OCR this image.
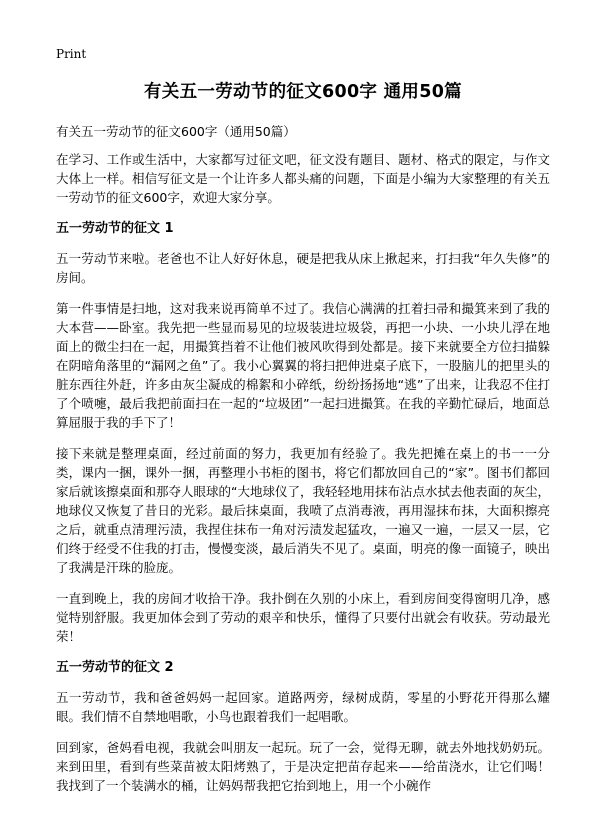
Print
有关五一劳动节的征文600字 通用50篇

有关五一劳动节的征文600字（通用50篇）

在学习、工作或生活中，大家都写过征文吧，征文没有题目、题材、格式的限定，与作文大体上一样。相信写征文是一个让许多人都头痛的问题，下面是小编为大家整理的有关五一劳动节的征文600字，欢迎大家分享。

五一劳动节的征文 1

五一劳动节来啦。老爸也不让人好好休息，硬是把我从床上揪起来，打扫我“年久失修”的房间。

第一件事情是扫地，这对我来说再简单不过了。我信心满满的扛着扫帚和撮箕来到了我的大本营——卧室。我先把一些显而易见的垃圾装进垃圾袋，再把一小块、一小块儿浮在地面上的微尘扫在一起，用撮箕挡着不让他们被风吹得到处都是。接下来就要全方位扫描躲在阴暗角落里的“漏网之鱼”了。我小心翼翼的将扫把伸进桌子底下，一股脑儿的把里头的脏东西往外赶，许多由灰尘凝成的棉絮和小碎纸，纷纷扬扬地“逃”了出来，让我忍不住打了个喷嚏，最后我把前面扫在一起的“垃圾团”一起扫进撮箕。在我的辛勤忙碌后，地面总算屈服于我的手下了！

接下来就是整理桌面，经过前面的努力，我更加有经验了。我先把摊在桌上的书一一分类，课内一捆，课外一捆，再整理小书柜的图书，将它们都放回自己的“家”。图书们都回家后就该擦桌面和那夺人眼球的“大地球仪了，我轻轻地用抹布沾点水拭去他表面的灰尘，地球仪又恢复了昔日的光彩。最后抹桌面，我喷了点消毒液，再用湿抹布抹，大面积擦亮之后，就重点清理污渍，我捏住抹布一角对污渍发起猛攻，一遍又一遍，一层又一层，它们终于经受不住我的打击，慢慢变淡，最后消失不见了。桌面，明亮的像一面镜子，映出了我满是汗珠的脸庞。

一直到晚上，我的房间才收拾干净。我扑倒在久别的小床上，看到房间变得窗明几净，感觉特别舒服。我更加体会到了劳动的艰辛和快乐，懂得了只要付出就会有收获。劳动最光荣！

五一劳动节的征文 2

五一劳动节，我和爸爸妈妈一起回家。道路两旁，绿树成荫，零星的小野花开得那么耀眼。我们情不自禁地唱歌，小鸟也跟着我们一起唱歌。

回到家，爸妈看电视，我就会叫朋友一起玩。玩了一会，觉得无聊，就去外地找奶奶玩。来到田里，看到有些菜苗被太阳烤熟了，于是决定把苗存起来——给苗浇水，让它们喝！我找到了一个装满水的桶，让妈妈帮我把它抬到地上，用一个小碗作
